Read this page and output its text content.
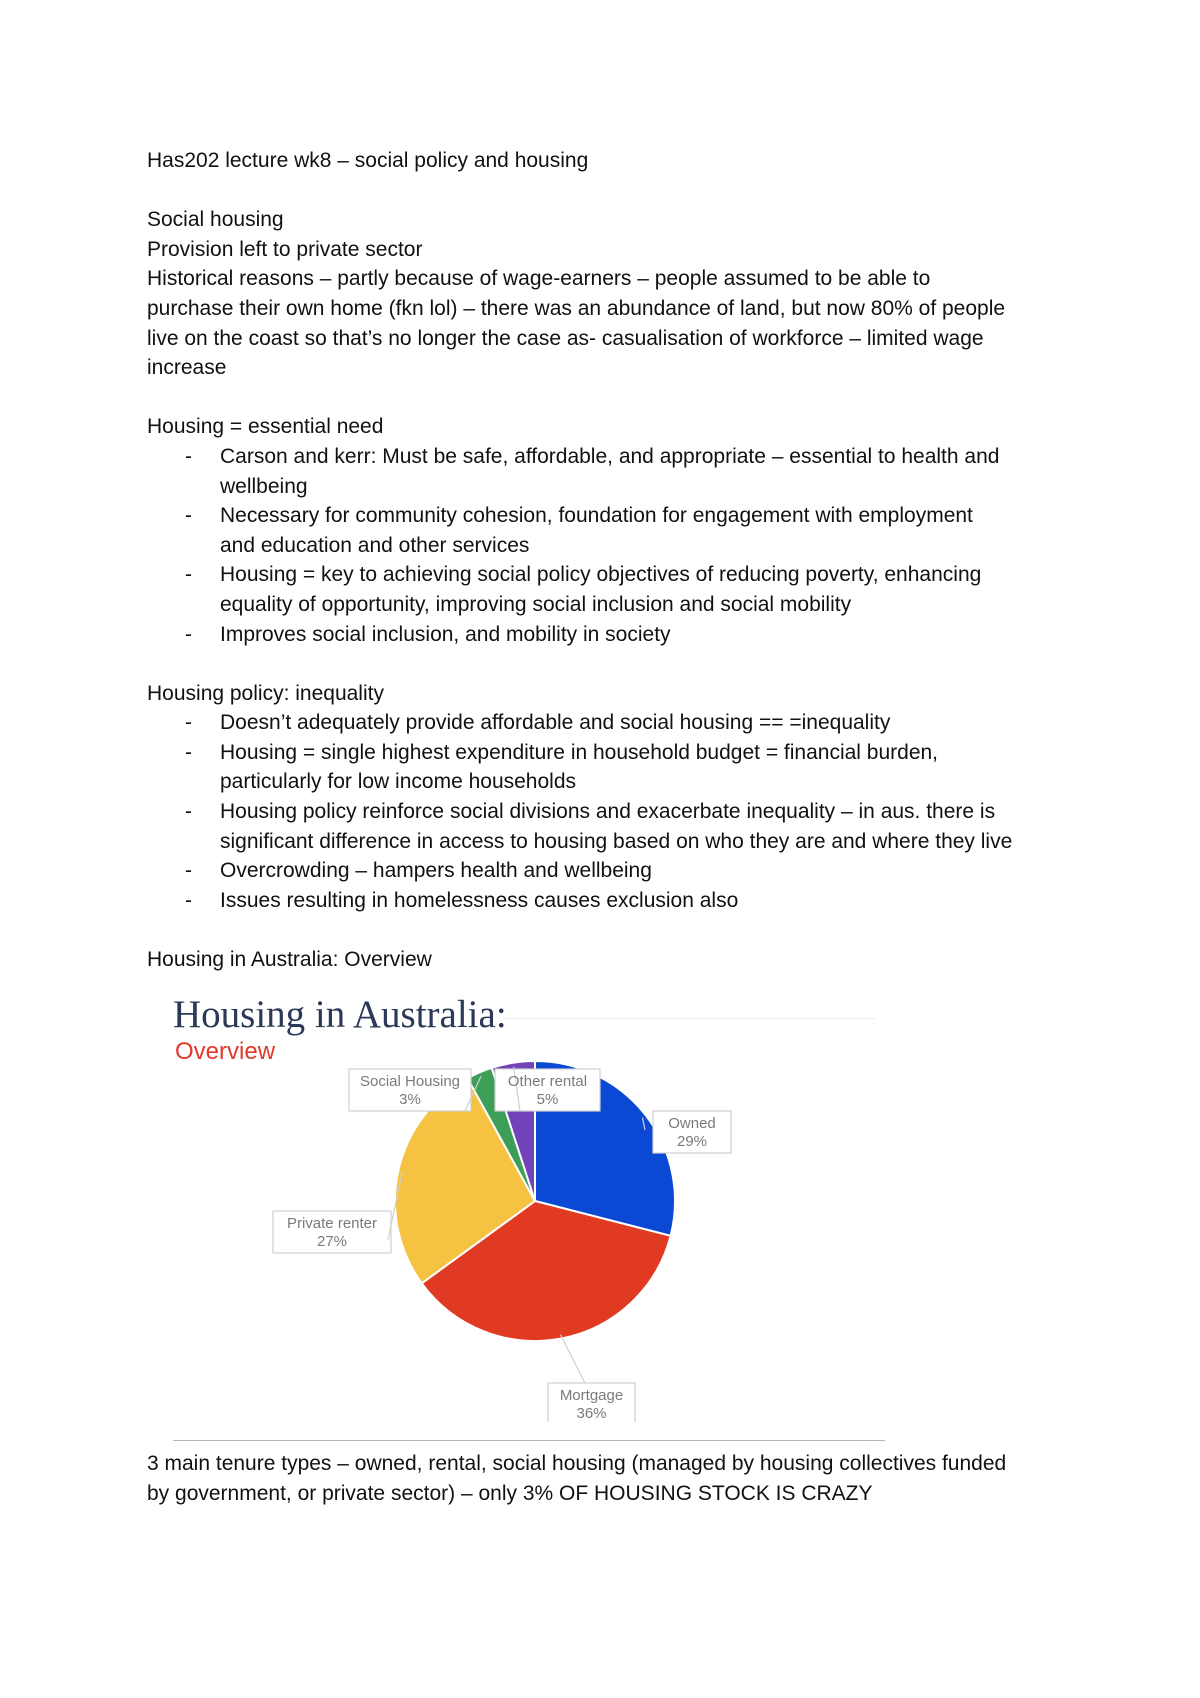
Has202 lecture wk8 – social policy and housing
Social housing
Provision left to private sector
Historical reasons – partly because of wage-earners – people assumed to be able to
purchase their own home (fkn lol) – there was an abundance of land, but now 80% of people
live on the coast so that’s no longer the case as- casualisation of workforce – limited wage
increase
Housing = essential need
- Carson and kerr: Must be safe, affordable, and appropriate – essential to health and
wellbeing
- Necessary for community cohesion, foundation for engagement with employment
and education and other services
- Housing = key to achieving social policy objectives of reducing poverty, enhancing
equality of opportunity, improving social inclusion and social mobility
- Improves social inclusion, and mobility in society
Housing policy: inequality
- Doesn’t adequately provide affordable and social housing == =inequality
- Housing = single highest expenditure in household budget = financial burden,
particularly for low income households
- Housing policy reinforce social divisions and exacerbate inequality – in aus. there is
significant difference in access to housing based on who they are and where they live
- Overcrowding – hampers health and wellbeing
- Issues resulting in homelessness causes exclusion also
Housing in Australia: Overview
Housing in Australia:
Overview
Owned
29%
Mortgage
36%
Private renter
27%
Social Housing
3%
Other rental
5%
3 main tenure types – owned, rental, social housing (managed by housing collectives funded
by government, or private sector) – only 3% OF HOUSING STOCK IS CRAZY
